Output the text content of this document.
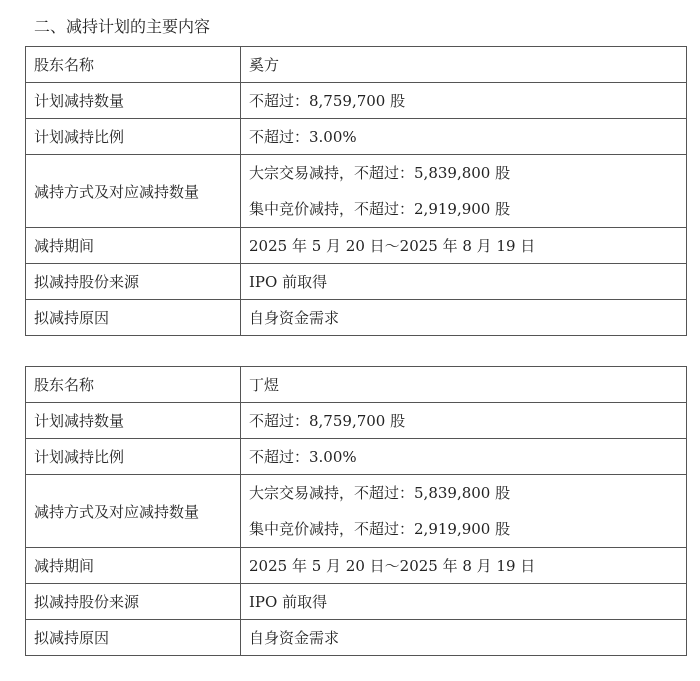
二、减持计划的主要内容
股东名称	奚方
计划减持数量	不超过：8,759,700 股
计划减持比例	不超过：3.00%
减持方式及对应减持数量	大宗交易减持，不超过：5,839,800 股
集中竞价减持，不超过：2,919,900 股

减持期间	2025 年 5 月 20 日～2025 年 8 月 19 日
拟减持股份来源	IPO 前取得
拟减持原因	自身资金需求
股东名称	丁煜
计划减持数量	不超过：8,759,700 股
计划减持比例	不超过：3.00%
减持方式及对应减持数量	大宗交易减持，不超过：5,839,800 股
集中竞价减持，不超过：2,919,900 股

减持期间	2025 年 5 月 20 日～2025 年 8 月 19 日
拟减持股份来源	IPO 前取得
拟减持原因	自身资金需求
